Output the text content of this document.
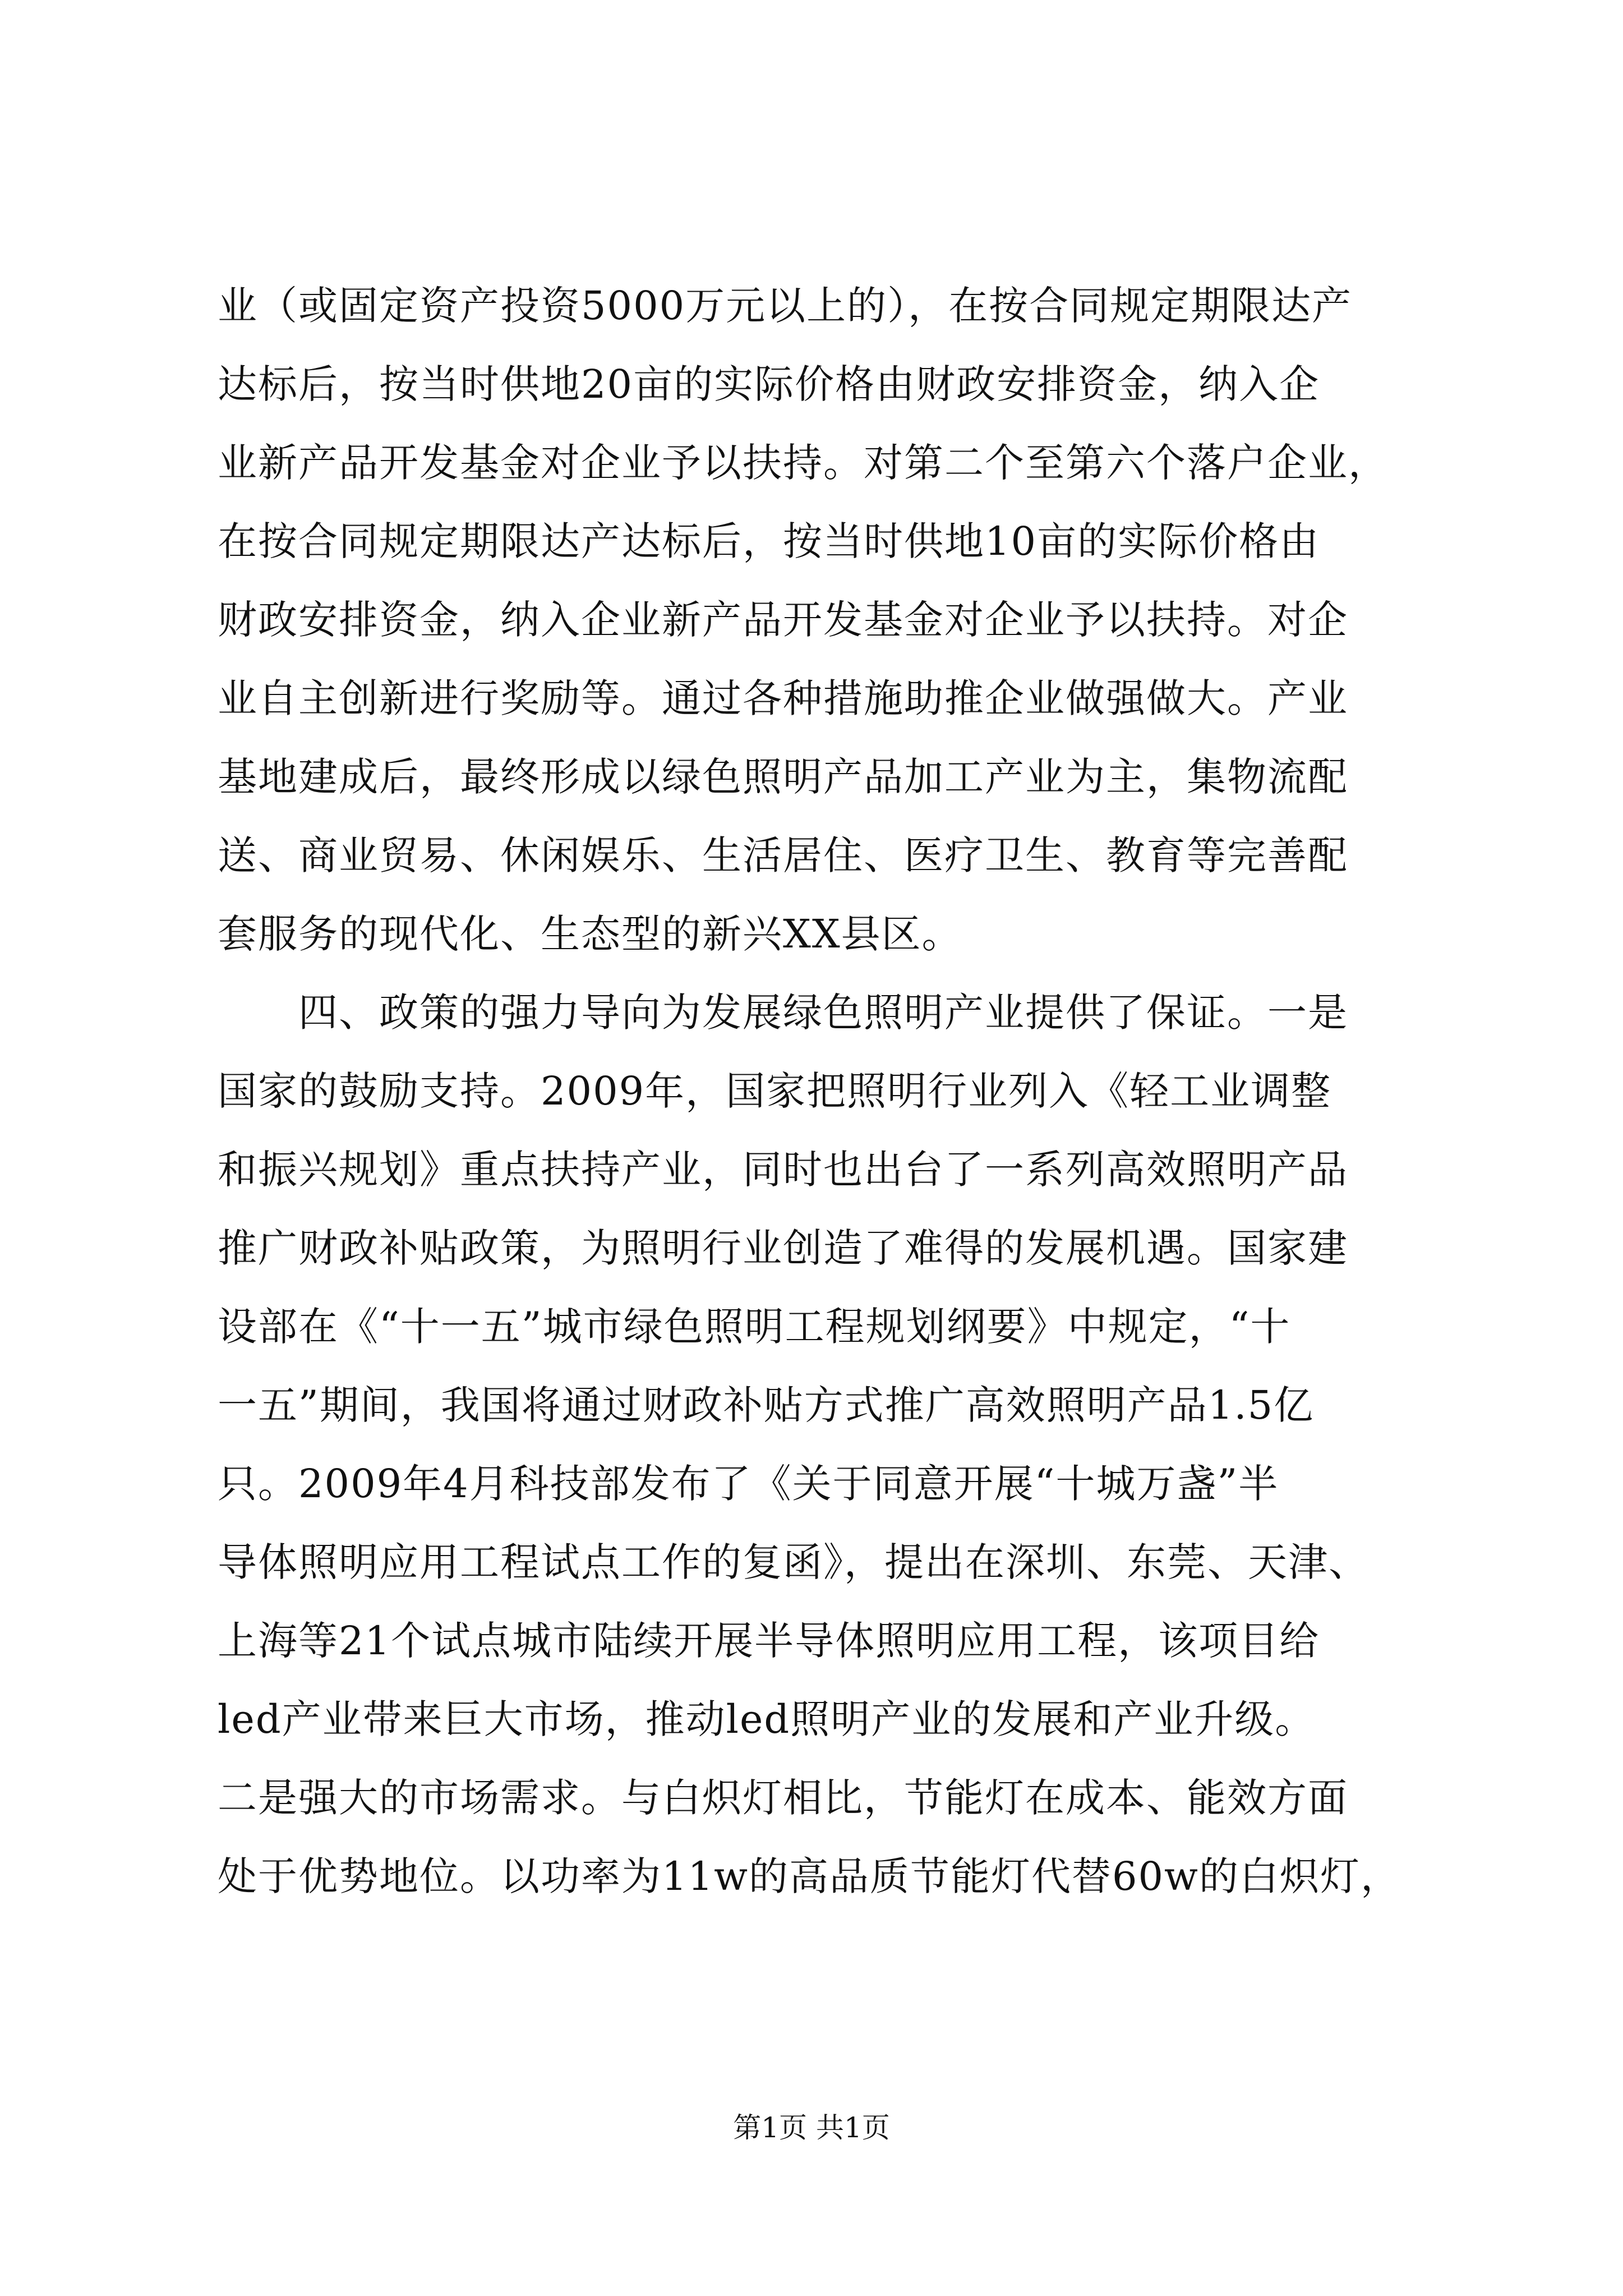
业（或固定资产投资5000万元以上的），在按合同规定期限达产
达标后，按当时供地20亩的实际价格由财政安排资金，纳入企
业新产品开发基金对企业予以扶持。对第二个至第六个落户企业，
在按合同规定期限达产达标后，按当时供地10亩的实际价格由
财政安排资金，纳入企业新产品开发基金对企业予以扶持。对企
业自主创新进行奖励等。通过各种措施助推企业做强做大。产业
基地建成后，最终形成以绿色照明产品加工产业为主，集物流配
送、商业贸易、休闲娱乐、生活居住、医疗卫生、教育等完善配
套服务的现代化、生态型的新兴XX县区。
　　四、政策的强力导向为发展绿色照明产业提供了保证。一是
国家的鼓励支持。2009年，国家把照明行业列入《轻工业调整
和振兴规划》重点扶持产业，同时也出台了一系列高效照明产品
推广财政补贴政策，为照明行业创造了难得的发展机遇。国家建
设部在《“十一五”城市绿色照明工程规划纲要》中规定，“十
一五”期间，我国将通过财政补贴方式推广高效照明产品1.5亿
只。2009年4月科技部发布了《关于同意开展“十城万盏”半
导体照明应用工程试点工作的复函》，提出在深圳、东莞、天津、
上海等21个试点城市陆续开展半导体照明应用工程，该项目给
led产业带来巨大市场，推动led照明产业的发展和产业升级。
二是强大的市场需求。与白炽灯相比，节能灯在成本、能效方面
处于优势地位。以功率为11w的高品质节能灯代替60w的白炽灯，
第1页 共1页
